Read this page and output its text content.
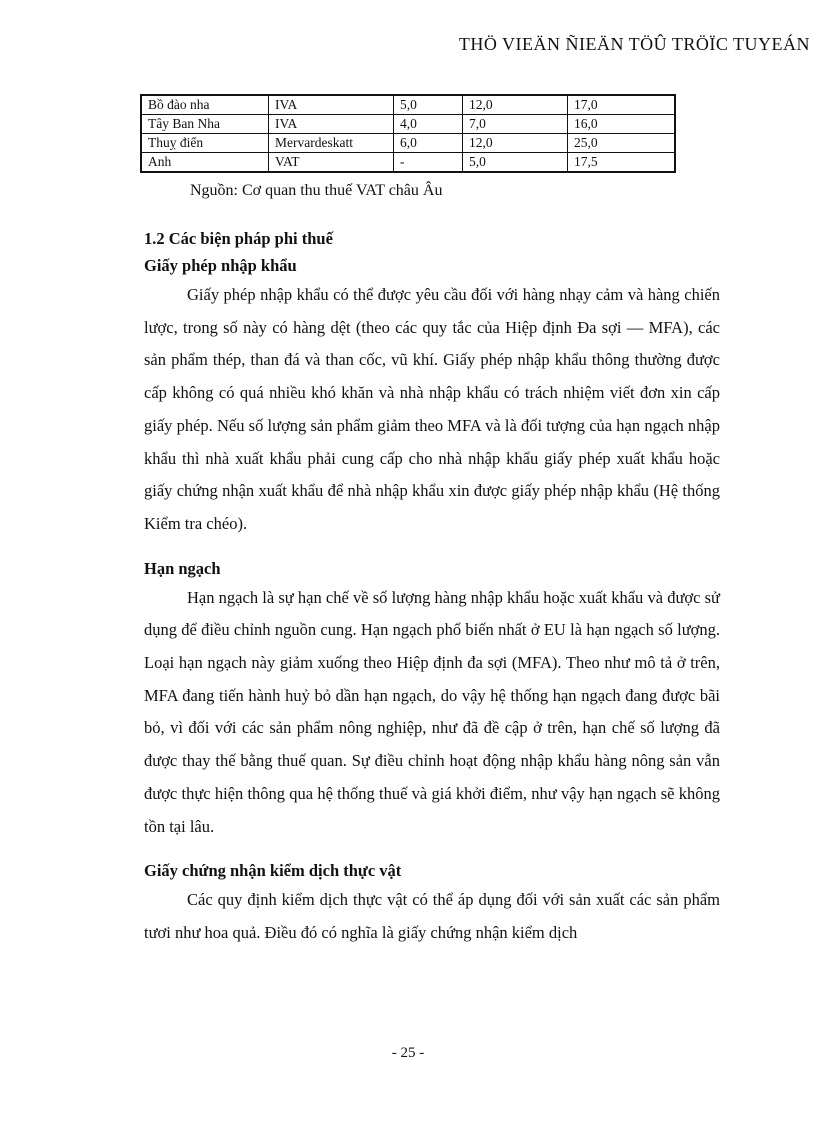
THÖ VIEÄN ÑIEÄN TÖÛ TRÖÏC TUYEÁN
Bồ đào nha	IVA	5,0	12,0	17,0
Tây Ban Nha	IVA	4,0	7,0	16,0
Thuỵ điển	Mervardeskatt	6,0	12,0	25,0
Anh	VAT	-	5,0	17,5
Nguồn: Cơ quan thu thuế VAT châu Âu
1.2 Các biện pháp phi thuế
Giấy phép nhập khẩu

Giấy phép nhập khẩu có thể được yêu cầu đối với hàng nhạy cảm và hàng chiến lược, trong số này có hàng dệt (theo các quy tắc của Hiệp định Đa sợi — MFA), các sản phẩm thép, than đá và than cốc, vũ khí. Giấy phép nhập khẩu thông thường được cấp không có quá nhiều khó khăn và nhà nhập khẩu có trách nhiệm viết đơn xin cấp giấy phép. Nếu số lượng sản phẩm giảm theo MFA và là đối tượng của hạn ngạch nhập khẩu thì nhà xuất khẩu phải cung cấp cho nhà nhập khẩu giấy phép xuất khẩu hoặc giấy chứng nhận xuất khẩu để nhà nhập khẩu xin được giấy phép nhập khẩu (Hệ thống Kiểm tra chéo).

Hạn ngạch

Hạn ngạch là sự hạn chế về số lượng hàng nhập khẩu hoặc xuất khẩu và được sử dụng để điều chỉnh nguồn cung. Hạn ngạch phổ biến nhất ở EU là hạn ngạch số lượng. Loại hạn ngạch này giảm xuống theo Hiệp định đa sợi (MFA). Theo như mô tả ở trên, MFA đang tiến hành huỷ bỏ dần hạn ngạch, do vậy hệ thống hạn ngạch đang được bãi bỏ, vì đối với các sản phẩm nông nghiệp, như đã đề cập ở trên, hạn chế số lượng đã được thay thế bằng thuế quan. Sự điều chỉnh hoạt động nhập khẩu hàng nông sản vẫn được thực hiện thông qua hệ thống thuế và giá khởi điểm, như vậy hạn ngạch sẽ không tồn tại lâu.

Giấy chứng nhận kiểm dịch thực vật

Các quy định kiểm dịch thực vật có thể áp dụng đối với sản xuất các sản phẩm tươi như hoa quả. Điều đó có nghĩa là giấy chứng nhận kiểm dịch

- 25 -
